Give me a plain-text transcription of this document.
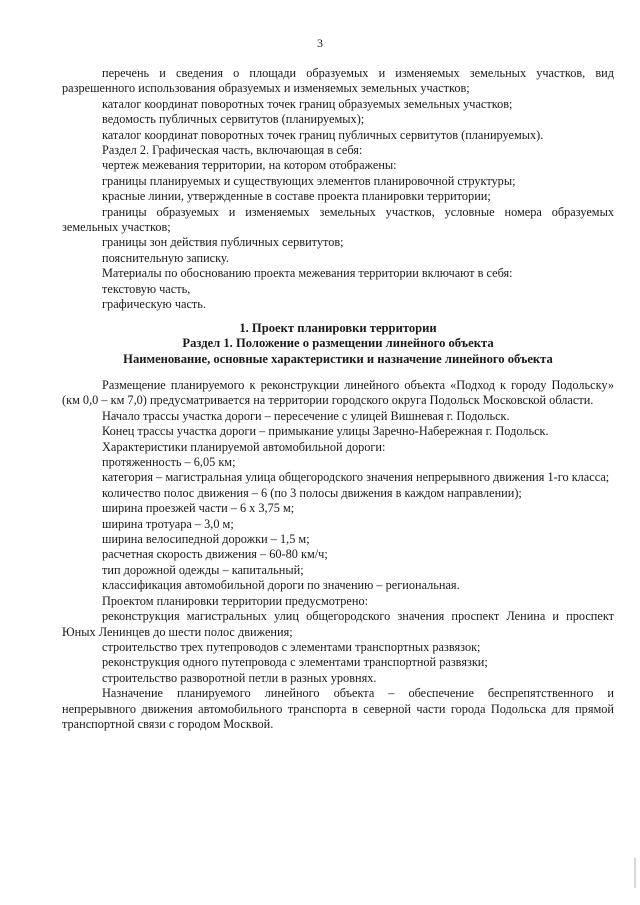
3

перечень и сведения о площади образуемых и изменяемых земельных участков, вид

разрешенного использования образуемых и изменяемых земельных участков;

каталог координат поворотных точек границ образуемых земельных участков;

ведомость публичных сервитутов (планируемых);

каталог координат поворотных точек границ публичных сервитутов (планируемых).

Раздел 2. Графическая часть, включающая в себя:

чертеж межевания территории, на котором отображены:

границы планируемых и существующих элементов планировочной структуры;

красные линии, утвержденные в составе проекта планировки территории;

границы образуемых и изменяемых земельных участков, условные номера образуемых

земельных участков;

границы зон действия публичных сервитутов;

пояснительную записку.

Материалы по обоснованию проекта межевания территории включают в себя:

текстовую часть,

графическую часть.

1. Проект планировки территории

Раздел 1. Положение о размещении линейного объекта

Наименование, основные характеристики и назначение линейного объекта

Размещение планируемого к реконструкции линейного объекта «Подход к городу Подольску» (км 0,0 – км 7,0) предусматривается на территории городского округа Подольск Московской области.

Начало трассы участка дороги – пересечение с улицей Вишневая г. Подольск.

Конец трассы участка дороги – примыкание улицы Заречно-Набережная г. Подольск.

Характеристики планируемой автомобильной дороги:

протяженность – 6,05 км;

категория – магистральная улица общегородского значения непрерывного движения 1-го класса;

количество полос движения – 6 (по 3 полосы движения в каждом направлении);

ширина проезжей части – 6 х 3,75 м;

ширина тротуара – 3,0 м;

ширина велосипедной дорожки – 1,5 м;

расчетная скорость движения – 60-80 км/ч;

тип дорожной одежды – капитальный;

классификация автомобильной дороги по значению – региональная.

Проектом планировки территории предусмотрено:

реконструкция магистральных улиц общегородского значения проспект Ленина и проспект Юных Ленинцев до шести полос движения;

строительство трех путепроводов с элементами транспортных развязок;

реконструкция одного путепровода с элементами транспортной развязки;

строительство разворотной петли в разных уровнях.

Назначение планируемого линейного объекта – обеспечение беспрепятственного и непрерывного движения автомобильного транспорта в северной части города Подольска для прямой транспортной связи с городом Москвой.
